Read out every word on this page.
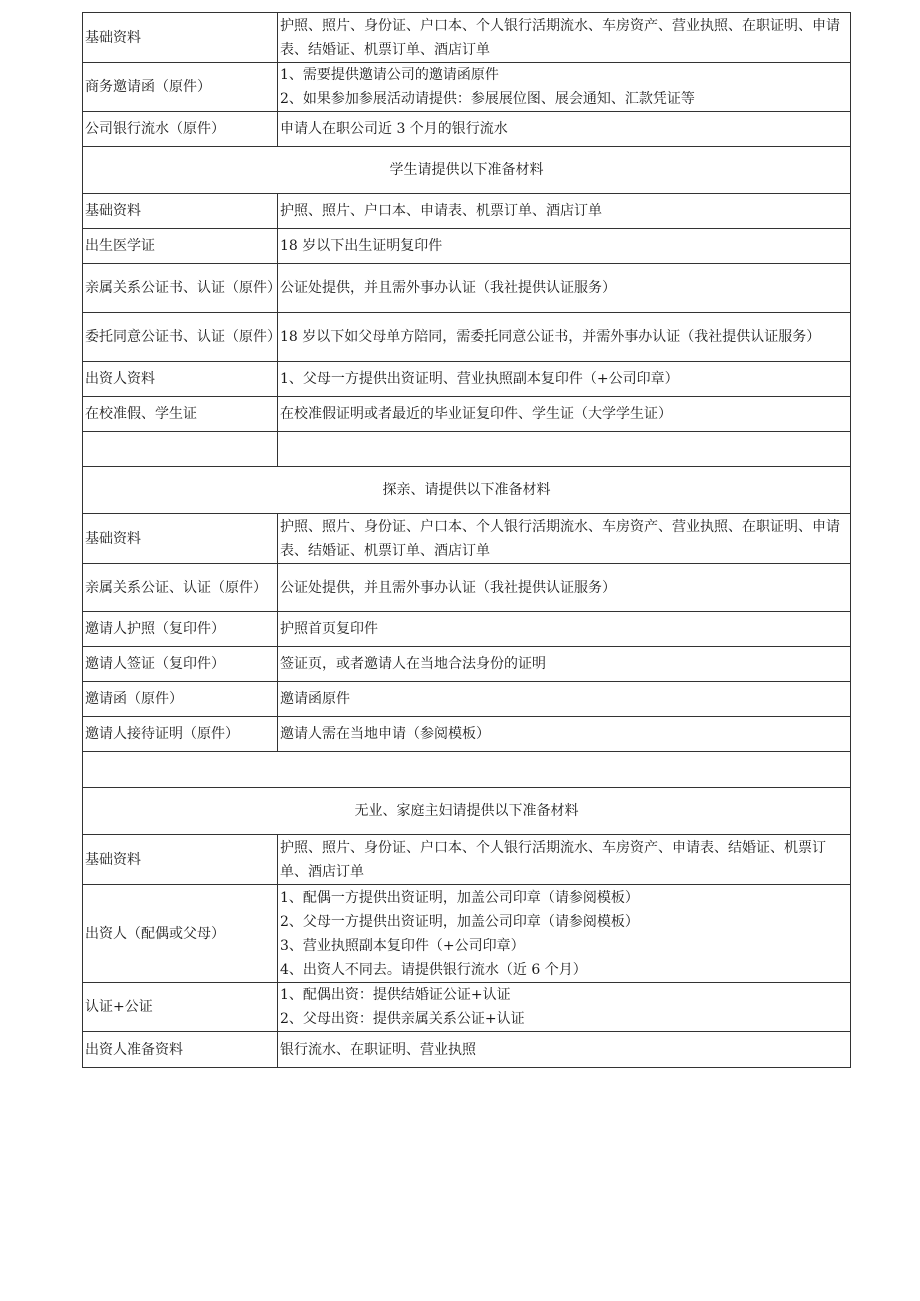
基础资料	护照、照片、身份证、户口本、个人银行活期流水、车房资产、营业执照、在职证明、申请表、结婚证、机票订单、酒店订单

商务邀请函（原件）	1、需要提供邀请公司的邀请函原件
2、如果参加参展活动请提供：参展展位图、展会通知、汇款凭证等

公司银行流水（原件）	申请人在职公司近 3 个月的银行流水

学生请提供以下准备材料	
基础资料	护照、照片、户口本、申请表、机票订单、酒店订单

出生医学证	18 岁以下出生证明复印件

亲属关系公证书、认证（原件）	公证处提供，并且需外事办认证（我社提供认证服务）

委托同意公证书、认证（原件）	18 岁以下如父母单方陪同，需委托同意公证书，并需外事办认证（我社提供认证服务）

出资人资料	1、父母一方提供出资证明、营业执照副本复印件（+公司印章）

在校准假、学生证	在校准假证明或者最近的毕业证复印件、学生证（大学学生证）

探亲、请提供以下准备材料	
基础资料	护照、照片、身份证、户口本、个人银行活期流水、车房资产、营业执照、在职证明、申请表、结婚证、机票订单、酒店订单

亲属关系公证、认证（原件）	公证处提供，并且需外事办认证（我社提供认证服务）

邀请人护照（复印件）	护照首页复印件

邀请人签证（复印件）	签证页，或者邀请人在当地合法身份的证明

邀请函（原件）	邀请函原件

邀请人接待证明（原件）	邀请人需在当地申请（参阅模板）

无业、家庭主妇请提供以下准备材料	
基础资料	护照、照片、身份证、户口本、个人银行活期流水、车房资产、申请表、结婚证、机票订单、酒店订单

出资人（配偶或父母）	1、配偶一方提供出资证明，加盖公司印章（请参阅模板）
2、父母一方提供出资证明，加盖公司印章（请参阅模板）
3、营业执照副本复印件（+公司印章）
4、出资人不同去。请提供银行流水（近 6 个月）

认证+公证	1、配偶出资：提供结婚证公证+认证
2、父母出资：提供亲属关系公证+认证

出资人准备资料	银行流水、在职证明、营业执照
